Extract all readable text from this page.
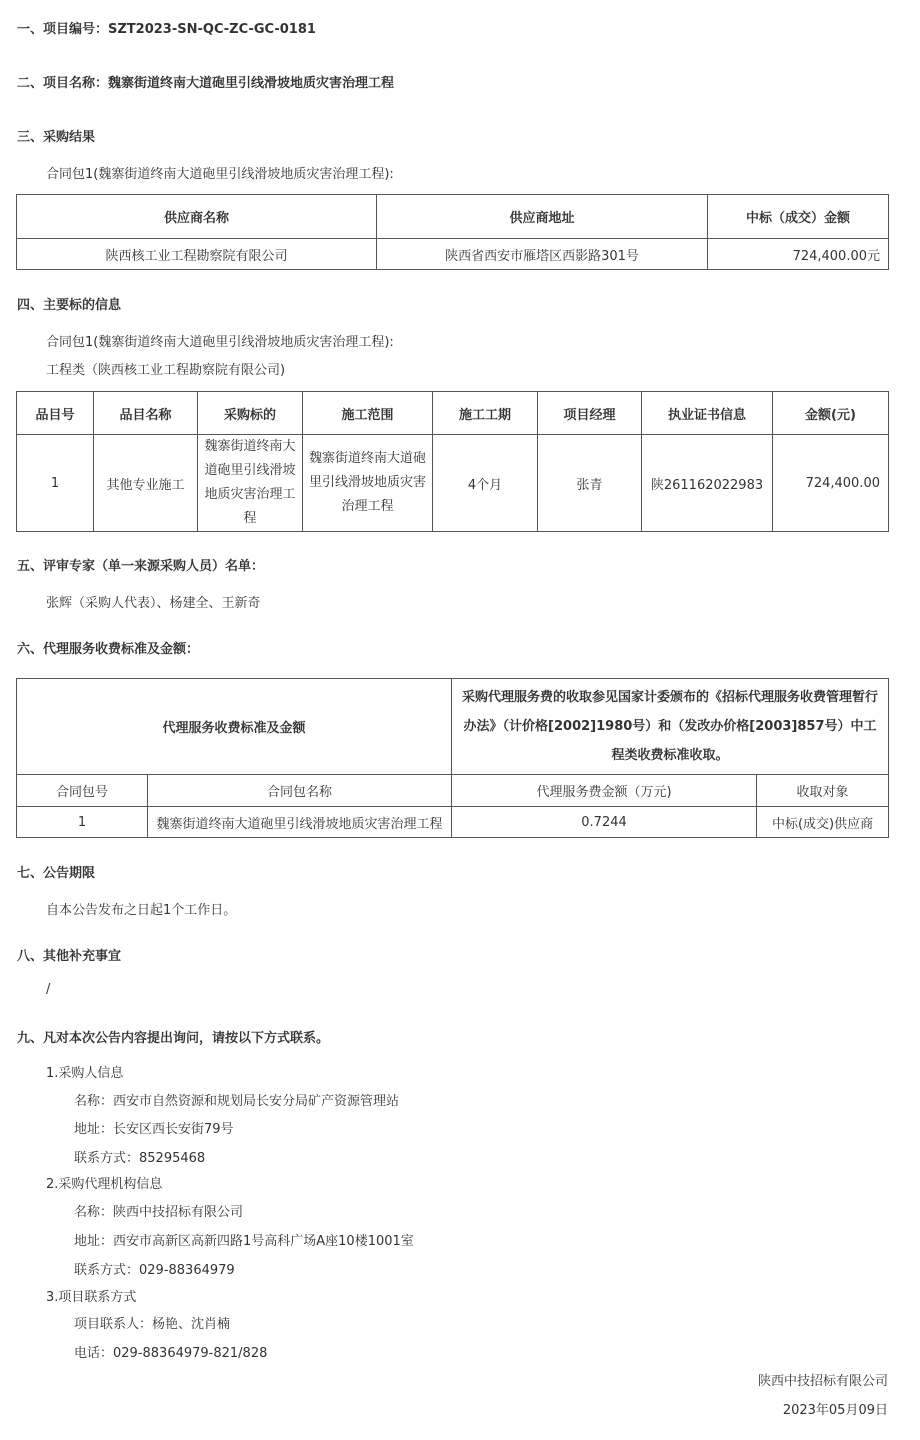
一、项目编号：SZT2023-SN-QC-ZC-GC-0181
二、项目名称：魏寨街道终南大道砲里引线滑坡地质灾害治理工程
三、采购结果
合同包1(魏寨街道终南大道砲里引线滑坡地质灾害治理工程):
供应商名称	供应商地址	中标（成交）金额
陕西核工业工程勘察院有限公司	陕西省西安市雁塔区西影路301号	724,400.00元
四、主要标的信息
合同包1(魏寨街道终南大道砲里引线滑坡地质灾害治理工程):
工程类（陕西核工业工程勘察院有限公司)
品目号	品目名称	采购标的	施工范围	施工工期	项目经理	执业证书信息	金额(元)
1	其他专业施工	魏寨街道终南大道砲里引线滑坡地质灾害治理工程	魏寨街道终南大道砲里引线滑坡地质灾害治理工程	4个月	张青	陕261162022983	724,400.00
五、评审专家（单一来源采购人员）名单：
张辉（采购人代表）、杨建全、王新奇
六、代理服务收费标准及金额：
代理服务收费标准及金额		采购代理服务费的收取参见国家计委颁布的《招标代理服务收费管理暂行办法》（计价格[2002]1980号）和（发改办价格[2003]857号）中工程类收费标准收取。	
合同包号	合同包名称	代理服务费金额（万元)	收取对象
1	魏寨街道终南大道砲里引线滑坡地质灾害治理工程	0.7244	中标(成交)供应商
七、公告期限
自本公告发布之日起1个工作日。
八、其他补充事宜
/
九、凡对本次公告内容提出询问，请按以下方式联系。
1.采购人信息
名称：西安市自然资源和规划局长安分局矿产资源管理站
地址：长安区西长安街79号
联系方式：85295468
2.采购代理机构信息
名称：陕西中技招标有限公司
地址：西安市高新区高新四路1号高科广场A座10楼1001室
联系方式：029-88364979
3.项目联系方式
项目联系人：杨艳、沈肖楠
电话：029-88364979-821/828
陕西中技招标有限公司
2023年05月09日
